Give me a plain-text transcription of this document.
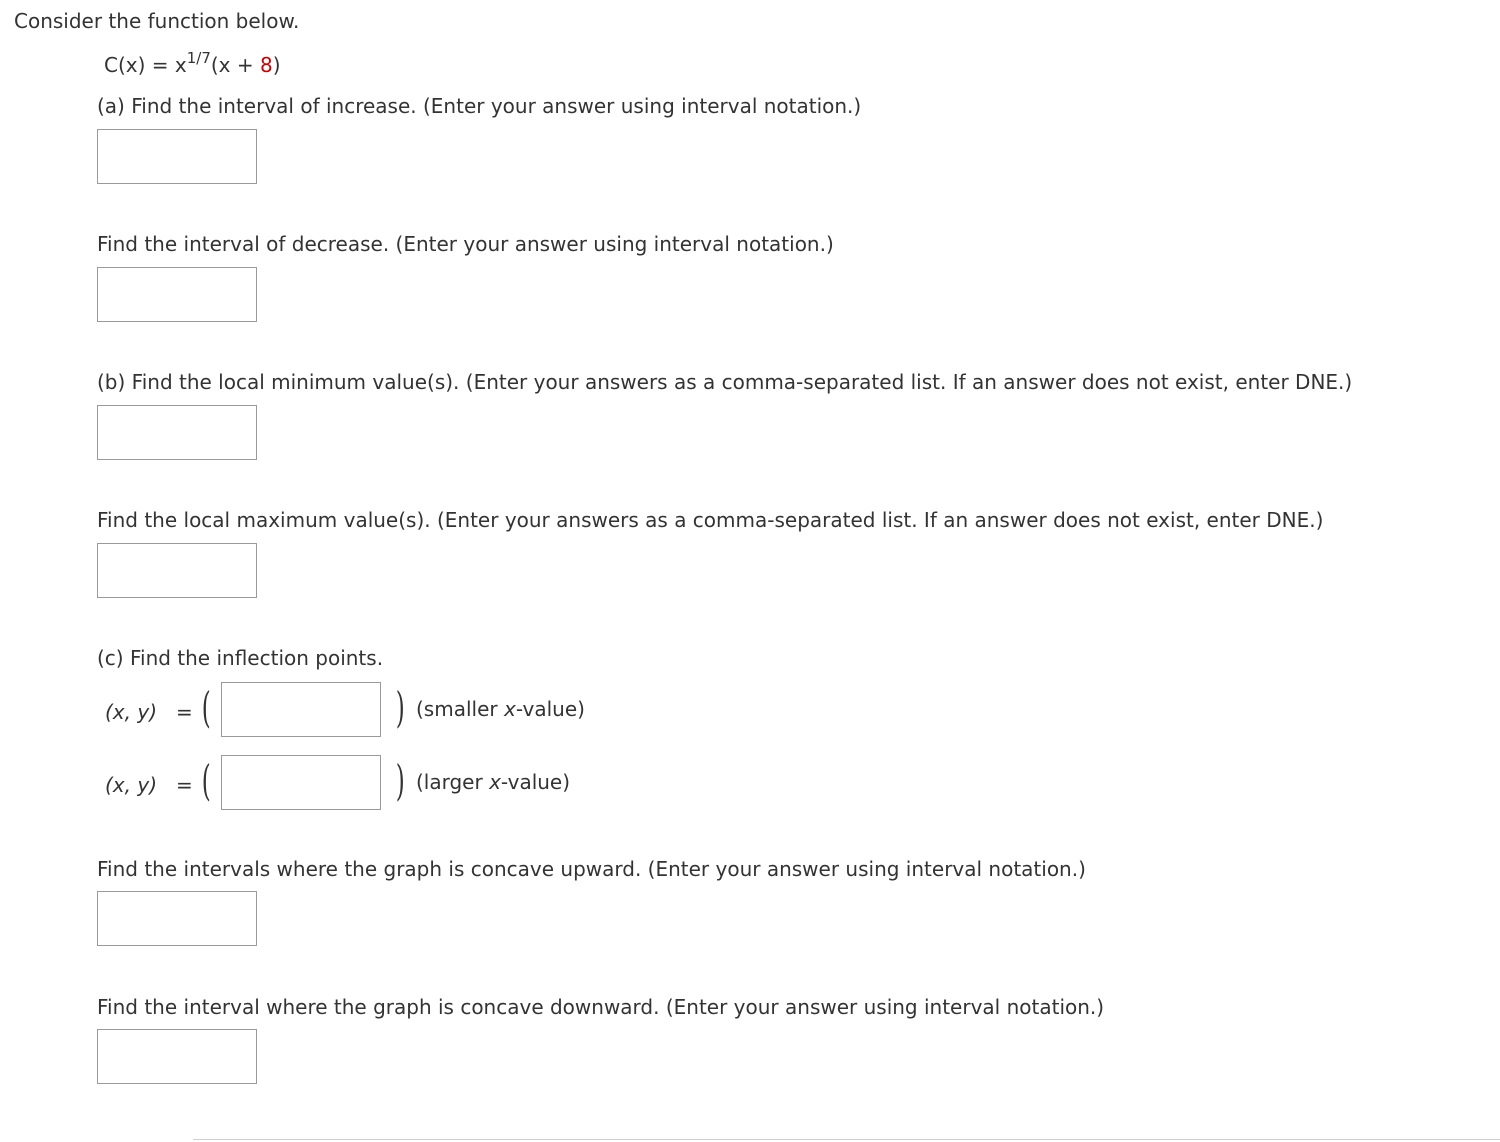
Consider the function below.
$C(x) = x^{1/7}(x + 8)$
(a) Find the interval of increase. (Enter your answer using interval notation.)
Find the interval of decrease. (Enter your answer using interval notation.)
(b) Find the local minimum value(s). (Enter your answers as a comma-separated list. If an answer does not exist, enter DNE.)
Find the local maximum value(s). (Enter your answers as a comma-separated list. If an answer does not exist, enter DNE.)
(c) Find the inflection points.
(x, y) = (	) (smaller x-value)
(x, y) = (	) (larger x-value)
Find the intervals where the graph is concave upward. (Enter your answer using interval notation.)
Find the interval where the graph is concave downward. (Enter your answer using interval notation.)
